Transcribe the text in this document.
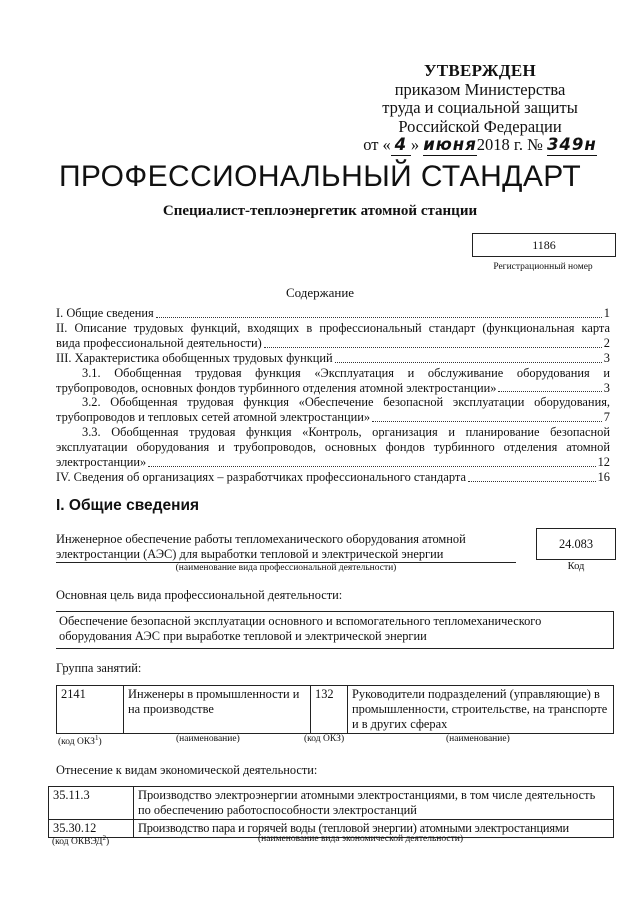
УТВЕРЖДЕН
приказом Министерства
труда и социальной защиты
Российской Федерации
от « 4 » июня2018 г. № 349н
ПРОФЕССИОНАЛЬНЫЙ СТАНДАРТ
Специалист-теплоэнергетик атомной станции
1186
Регистрационный номер
Содержание
I. Общие сведения	1
II. Описание трудовых функций, входящих в профессиональный стандарт (функциональная карта
вида профессиональной деятельности)	2
III. Характеристика обобщенных трудовых функций	3
3.1. Обобщенная трудовая функция «Эксплуатация и обслуживание оборудования и
трубопроводов, основных фондов турбинного отделения атомной электростанции»	3
3.2. Обобщенная трудовая функция «Обеспечение безопасной эксплуатации оборудования,
трубопроводов и тепловых сетей атомной электростанции»	7
3.3. Обобщенная трудовая функция «Контроль, организация и планирование безопасной
эксплуатации оборудования и трубопроводов, основных фондов турбинного отделения атомной
электростанции»	12
IV. Сведения об организациях – разработчиках профессионального стандарта	16
I. Общие сведения
Инженерное обеспечение работы тепломеханического оборудования атомной
электростанции (АЭС) для выработки тепловой и электрической энергии
(наименование вида профессиональной деятельности)
24.083
Код
Основная цель вида профессиональной деятельности:
Обеспечение безопасной эксплуатации основного и вспомогательного тепломеханического
оборудования АЭС при выработке тепловой и электрической энергии
Группа занятий:
2141	Инженеры в промышленности и на производстве	132	Руководители подразделений (управляющие) в промышленности, строительстве, на транспорте и в других сферах
(код ОКЗ$^1$)	(наименование)	(код ОКЗ)	(наименование)
Отнесение к видам экономической деятельности:
35.11.3	Производство электроэнергии атомными электростанциями, в том числе деятельность по обеспечению работоспособности электростанций
35.30.12	Производство пара и горячей воды (тепловой энергии) атомными электростанциями
(код ОКВЭД$^2$)	(наименование вида экономической деятельности)
